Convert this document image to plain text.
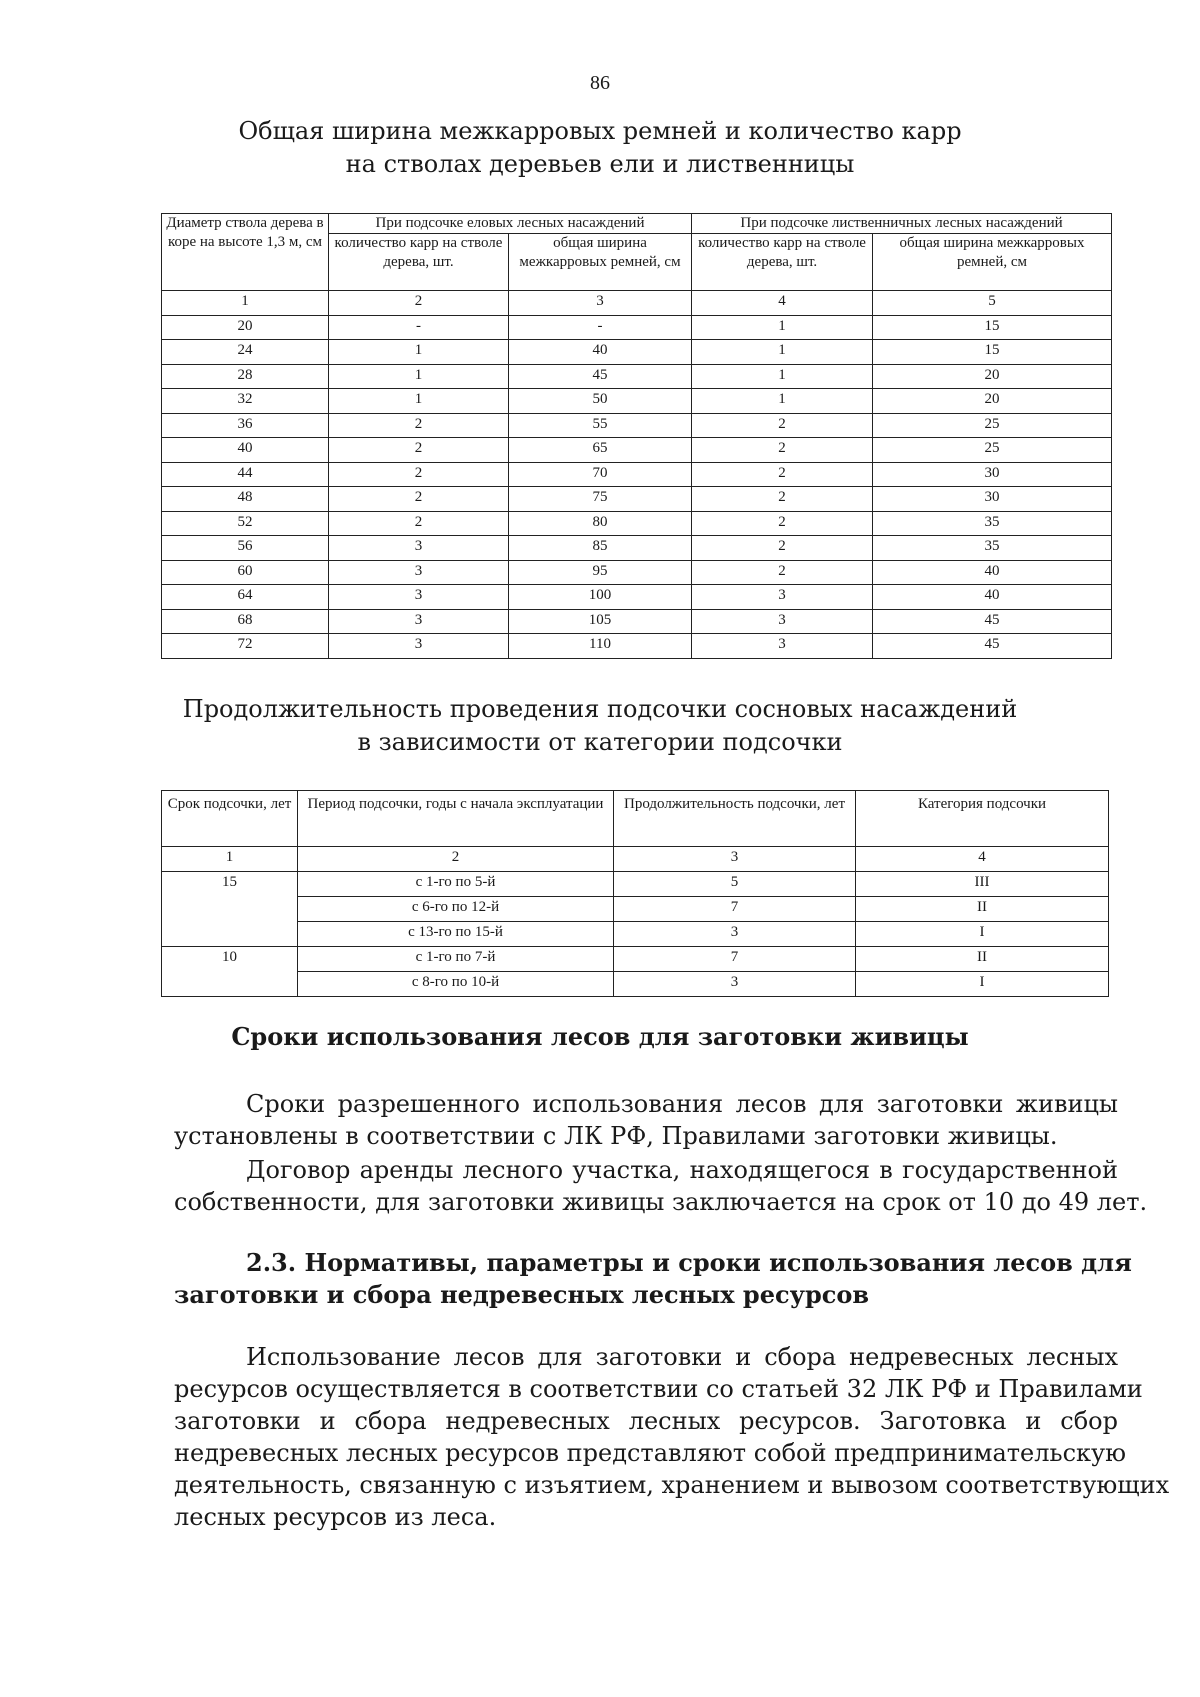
86
Общая ширина межкарровых ремней и количество карр
на стволах деревьев ели и лиственницы
Диаметр ствола дерева в коре на высоте 1,3 м, см	При подсочке еловых лесных насаждений		При подсочке лиственничных лесных насаждений	
	количество карр на стволе дерева, шт.	общая ширина межкарровых ремней, см	количество карр на стволе дерева, шт.	общая ширина межкарровых ремней, см
1	2	3	4	5
20	-	-	1	15
24	1	40	1	15
28	1	45	1	20
32	1	50	1	20
36	2	55	2	25
40	2	65	2	25
44	2	70	2	30
48	2	75	2	30
52	2	80	2	35
56	3	85	2	35
60	3	95	2	40
64	3	100	3	40
68	3	105	3	45
72	3	110	3	45
Продолжительность проведения подсочки сосновых насаждений
в зависимости от категории подсочки
Срок подсочки, лет	Период подсочки, годы с начала эксплуатации	Продолжительность подсочки, лет	Категория подсочки
1	2	3	4
15	с 1-го по 5-й	5	III
	с 6-го по 12-й	7	II
	с 13-го по 15-й	3	I
10	с 1-го по 7-й	7	II
	с 8-го по 10-й	3	I
Сроки использования лесов для заготовки живицы
Сроки разрешенного использования лесов для заготовки живицы
установлены в соответствии с ЛК РФ, Правилами заготовки живицы.
Договор аренды лесного участка, находящегося в государственной
собственности, для заготовки живицы заключается на срок от 10 до 49 лет.
2.3. Нормативы, параметры и сроки использования лесов для
заготовки и сбора недревесных лесных ресурсов
Использование лесов для заготовки и сбора недревесных лесных
ресурсов осуществляется в соответствии со статьей 32 ЛК РФ и Правилами
заготовки и сбора недревесных лесных ресурсов. Заготовка и сбор
недревесных лесных ресурсов представляют собой предпринимательскую
деятельность, связанную с изъятием, хранением и вывозом соответствующих
лесных ресурсов из леса.
